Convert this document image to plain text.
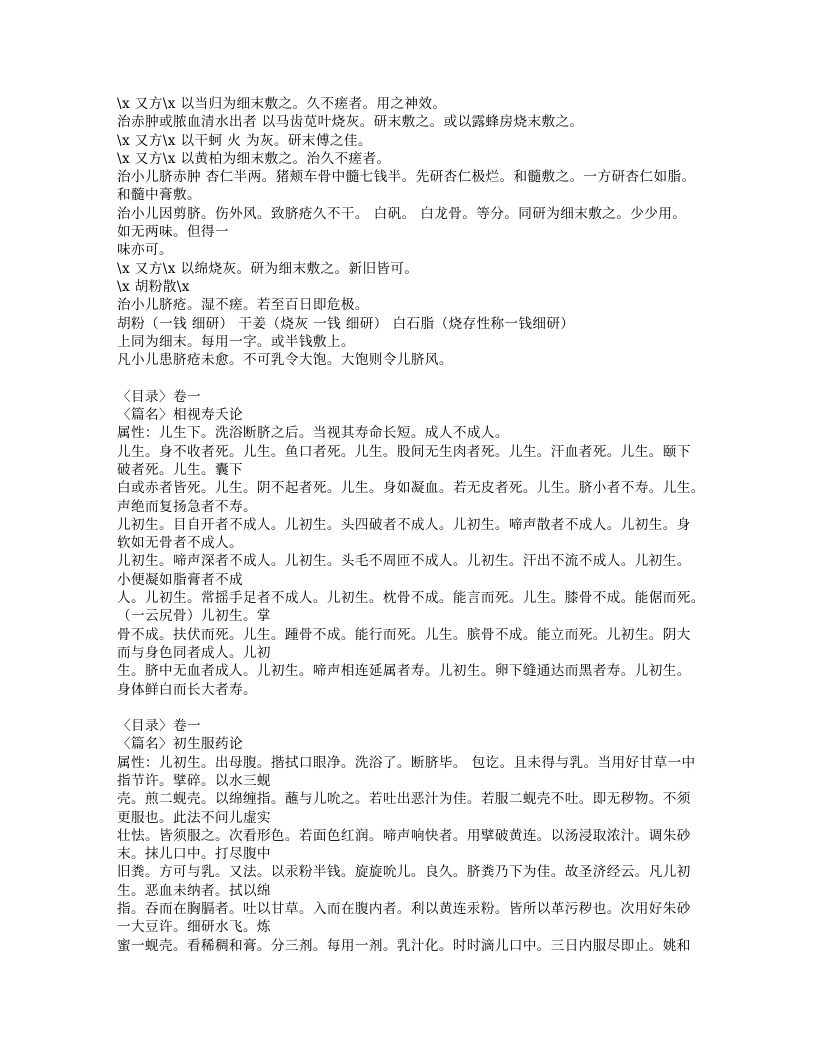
\x 又方\x 以当归为细末敷之。久不瘥者。用之神效。
治赤肿或脓血清水出者 以马齿苋叶烧灰。研末敷之。或以露蜂房烧末敷之。
\x 又方\x 以干蚵 火 为灰。研末傅之佳。
\x 又方\x 以黄柏为细末敷之。治久不瘥者。
治小儿脐赤肿 杏仁半两。猪颊车骨中髓七钱半。先研杏仁极烂。和髓敷之。一方研杏仁如脂。
和髓中膏敷。
治小儿因剪脐。伤外风。致脐疮久不干。 白矾。 白龙骨。等分。同研为细末敷之。少少用。
如无两味。但得一
味亦可。
\x 又方\x 以绵烧灰。研为细末敷之。新旧皆可。
\x 胡粉散\x
治小儿脐疮。湿不瘥。若至百日即危极。
胡粉（一钱 细研） 干姜（烧灰 一钱 细研） 白石脂（烧存性称一钱细研）
上同为细末。每用一字。或半钱敷上。
凡小儿患脐疮未愈。不可乳令大饱。大饱则令儿脐风。
〈目录〉卷一
〈篇名〉相视寿夭论
属性：儿生下。洗浴断脐之后。当视其寿命长短。成人不成人。
儿生。身不收者死。儿生。鱼口者死。儿生。股间无生肉者死。儿生。汗血者死。儿生。颐下
破者死。儿生。囊下
白或赤者皆死。儿生。阴不起者死。儿生。身如凝血。若无皮者死。儿生。脐小者不寿。儿生。
声绝而复扬急者不寿。
儿初生。目自开者不成人。儿初生。头四破者不成人。儿初生。啼声散者不成人。儿初生。身
软如无骨者不成人。
儿初生。啼声深者不成人。儿初生。头毛不周匝不成人。儿初生。汗出不流不成人。儿初生。
小便凝如脂膏者不成
人。儿初生。常摇手足者不成人。儿初生。枕骨不成。能言而死。儿生。膝骨不成。能倨而死。
（一云尻骨）儿初生。掌
骨不成。扶伏而死。儿生。踵骨不成。能行而死。儿生。膑骨不成。能立而死。儿初生。阴大
而与身色同者成人。儿初
生。脐中无血者成人。儿初生。啼声相连延属者寿。儿初生。卵下缝通达而黑者寿。儿初生。
身体鲜白而长大者寿。
〈目录〉卷一
〈篇名〉初生服药论
属性：儿初生。出母腹。揩拭口眼净。洗浴了。断脐毕。 包讫。且未得与乳。当用好甘草一中
指节许。擘碎。以水三蚬
壳。煎二蚬壳。以绵缠指。蘸与儿吮之。若吐出恶汁为佳。若服二蚬壳不吐。即无秽物。不须
更服也。此法不问儿虚实
壮怯。皆须服之。次看形色。若面色红润。啼声响快者。用擘破黄连。以汤浸取浓汁。调朱砂
末。抹儿口中。打尽腹中
旧粪。方可与乳。又法。以汞粉半钱。旋旋吮儿。良久。脐粪乃下为佳。故圣济经云。凡儿初
生。恶血未纳者。拭以绵
指。吞而在胸膈者。吐以甘草。入而在腹内者。利以黄连汞粉。皆所以革污秽也。次用好朱砂
一大豆许。细研水飞。炼
蜜一蚬壳。看稀稠和膏。分三剂。每用一剂。乳汁化。时时滴儿口中。三日内服尽即止。姚和
